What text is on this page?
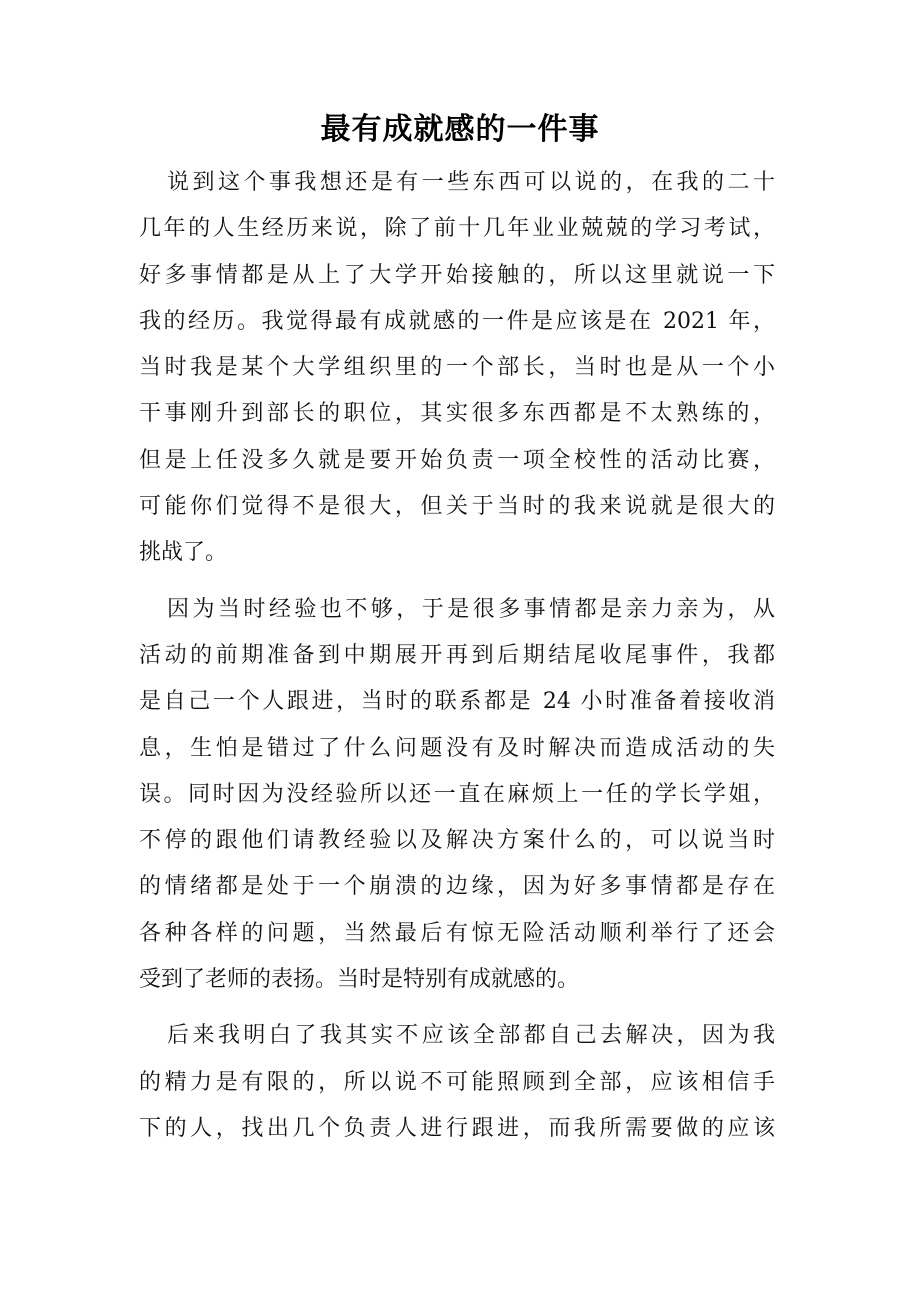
最有成就感的一件事
说到这个事我想还是有一些东西可以说的，在我的二十
几年的人生经历来说，除了前十几年业业兢兢的学习考试，
好多事情都是从上了大学开始接触的，所以这里就说一下
我的经历。我觉得最有成就感的一件是应该是在 2021 年，
当时我是某个大学组织里的一个部长，当时也是从一个小
干事刚升到部长的职位，其实很多东西都是不太熟练的，
但是上任没多久就是要开始负责一项全校性的活动比赛，
可能你们觉得不是很大，但关于当时的我来说就是很大的
挑战了。
因为当时经验也不够，于是很多事情都是亲力亲为，从
活动的前期准备到中期展开再到后期结尾收尾事件，我都
是自己一个人跟进，当时的联系都是 24 小时准备着接收消
息，生怕是错过了什么问题没有及时解决而造成活动的失
误。同时因为没经验所以还一直在麻烦上一任的学长学姐，
不停的跟他们请教经验以及解决方案什么的，可以说当时
的情绪都是处于一个崩溃的边缘，因为好多事情都是存在
各种各样的问题，当然最后有惊无险活动顺利举行了还会
受到了老师的表扬。当时是特别有成就感的。
后来我明白了我其实不应该全部都自己去解决，因为我
的精力是有限的，所以说不可能照顾到全部，应该相信手
下的人，找出几个负责人进行跟进，而我所需要做的应该
